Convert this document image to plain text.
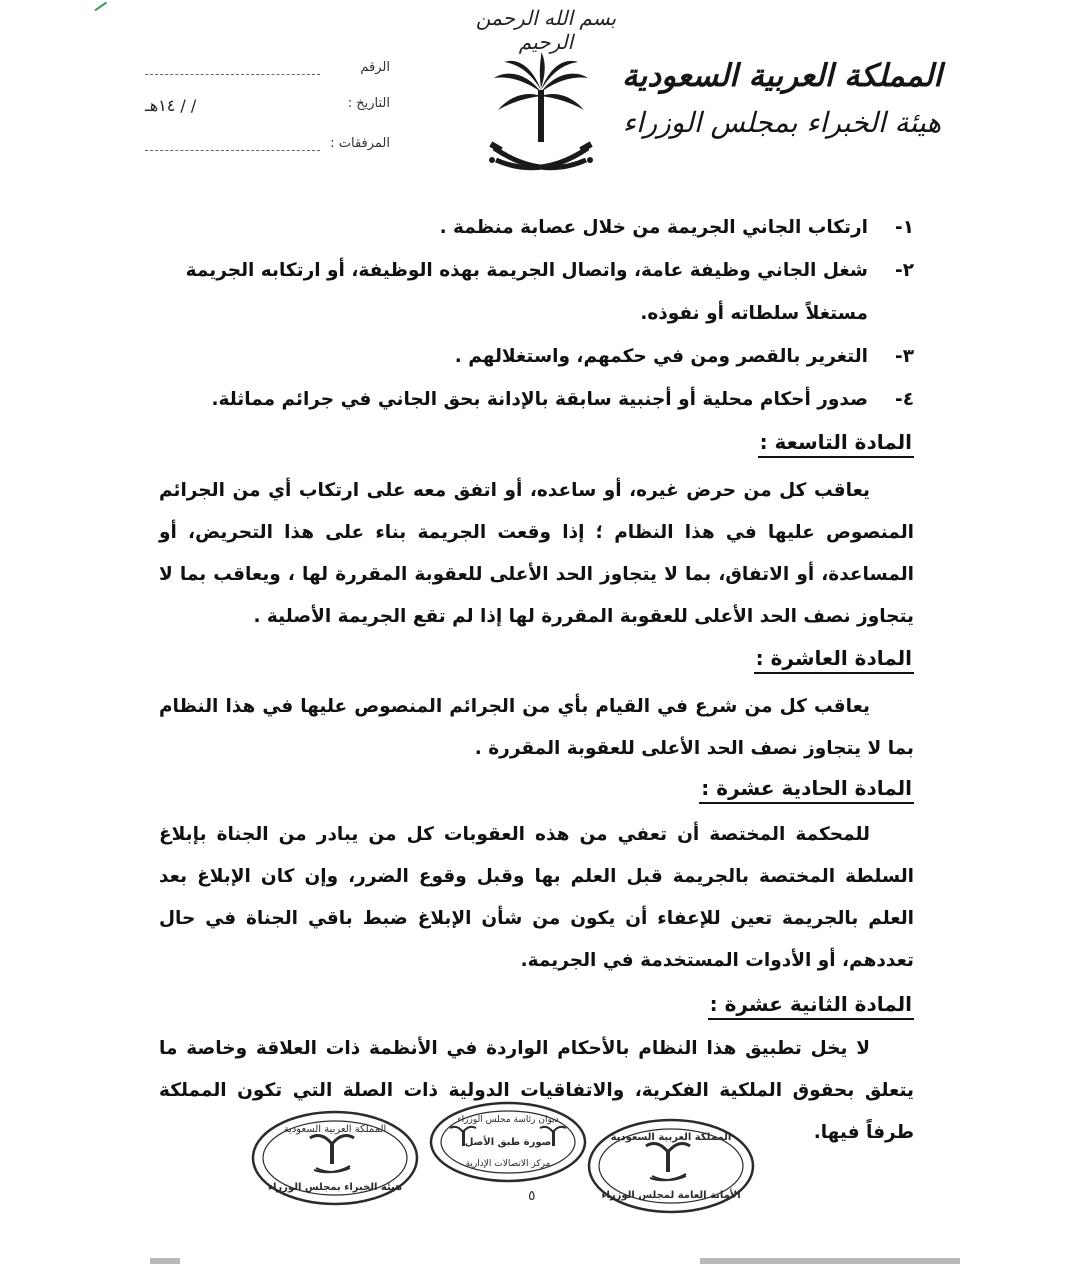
بسم الله الرحمن الرحيم
المملكة العربية السعودية
هيئة الخبراء بمجلس الوزراء
الرقم
التاريخ :
١٤هـ / /
المرفقات :
١-
ارتكاب الجاني الجريمة من خلال عصابة منظمة .
٢-
شغل الجاني وظيفة عامة، واتصال الجريمة بهذه الوظيفة، أو ارتكابه الجريمة
مستغلاً سلطاته أو نفوذه.
٣-
التغرير بالقصر ومن في حكمهم، واستغلالهم .
٤-
صدور أحكام محلية أو أجنبية سابقة بالإدانة بحق الجاني في جرائم مماثلة.
المادة التاسعة :
يعاقب كل من حرض غيره، أو ساعده، أو اتفق معه على ارتكاب أي من الجرائم المنصوص عليها في هذا النظام ؛ إذا وقعت الجريمة بناء على هذا التحريض، أو المساعدة، أو الاتفاق، بما لا يتجاوز الحد الأعلى للعقوبة المقررة لها ، ويعاقب بما لا يتجاوز نصف الحد الأعلى للعقوبة المقررة لها إذا لم تقع الجريمة الأصلية .
المادة العاشرة :
يعاقب كل من شرع في القيام بأي من الجرائم المنصوص عليها في هذا النظام بما لا يتجاوز نصف الحد الأعلى للعقوبة المقررة .
المادة الحادية عشرة :
للمحكمة المختصة أن تعفي من هذه العقوبات كل من يبادر من الجناة بإبلاغ السلطة المختصة بالجريمة قبل العلم بها وقبل وقوع الضرر، وإن كان الإبلاغ بعد العلم بالجريمة تعين للإعفاء أن يكون من شأن الإبلاغ ضبط باقي الجناة في حال تعددهم، أو الأدوات المستخدمة في الجريمة.
المادة الثانية عشرة :
لا يخل تطبيق هذا النظام بالأحكام الواردة في الأنظمة ذات العلاقة وخاصة ما يتعلق بحقوق الملكية الفكرية، والاتفاقيات الدولية ذات الصلة التي تكون المملكة طرفاً فيها.
المملكة العربية السعودية
هيئة الخبراء بمجلس الوزراء
ديوان رئاسة مجلس الوزراء
صورة طبق الأصل
مركز الاتصالات الإدارية
المملكة العربية السعودية
الأمانة العامة لمجلس الوزراء
٥
